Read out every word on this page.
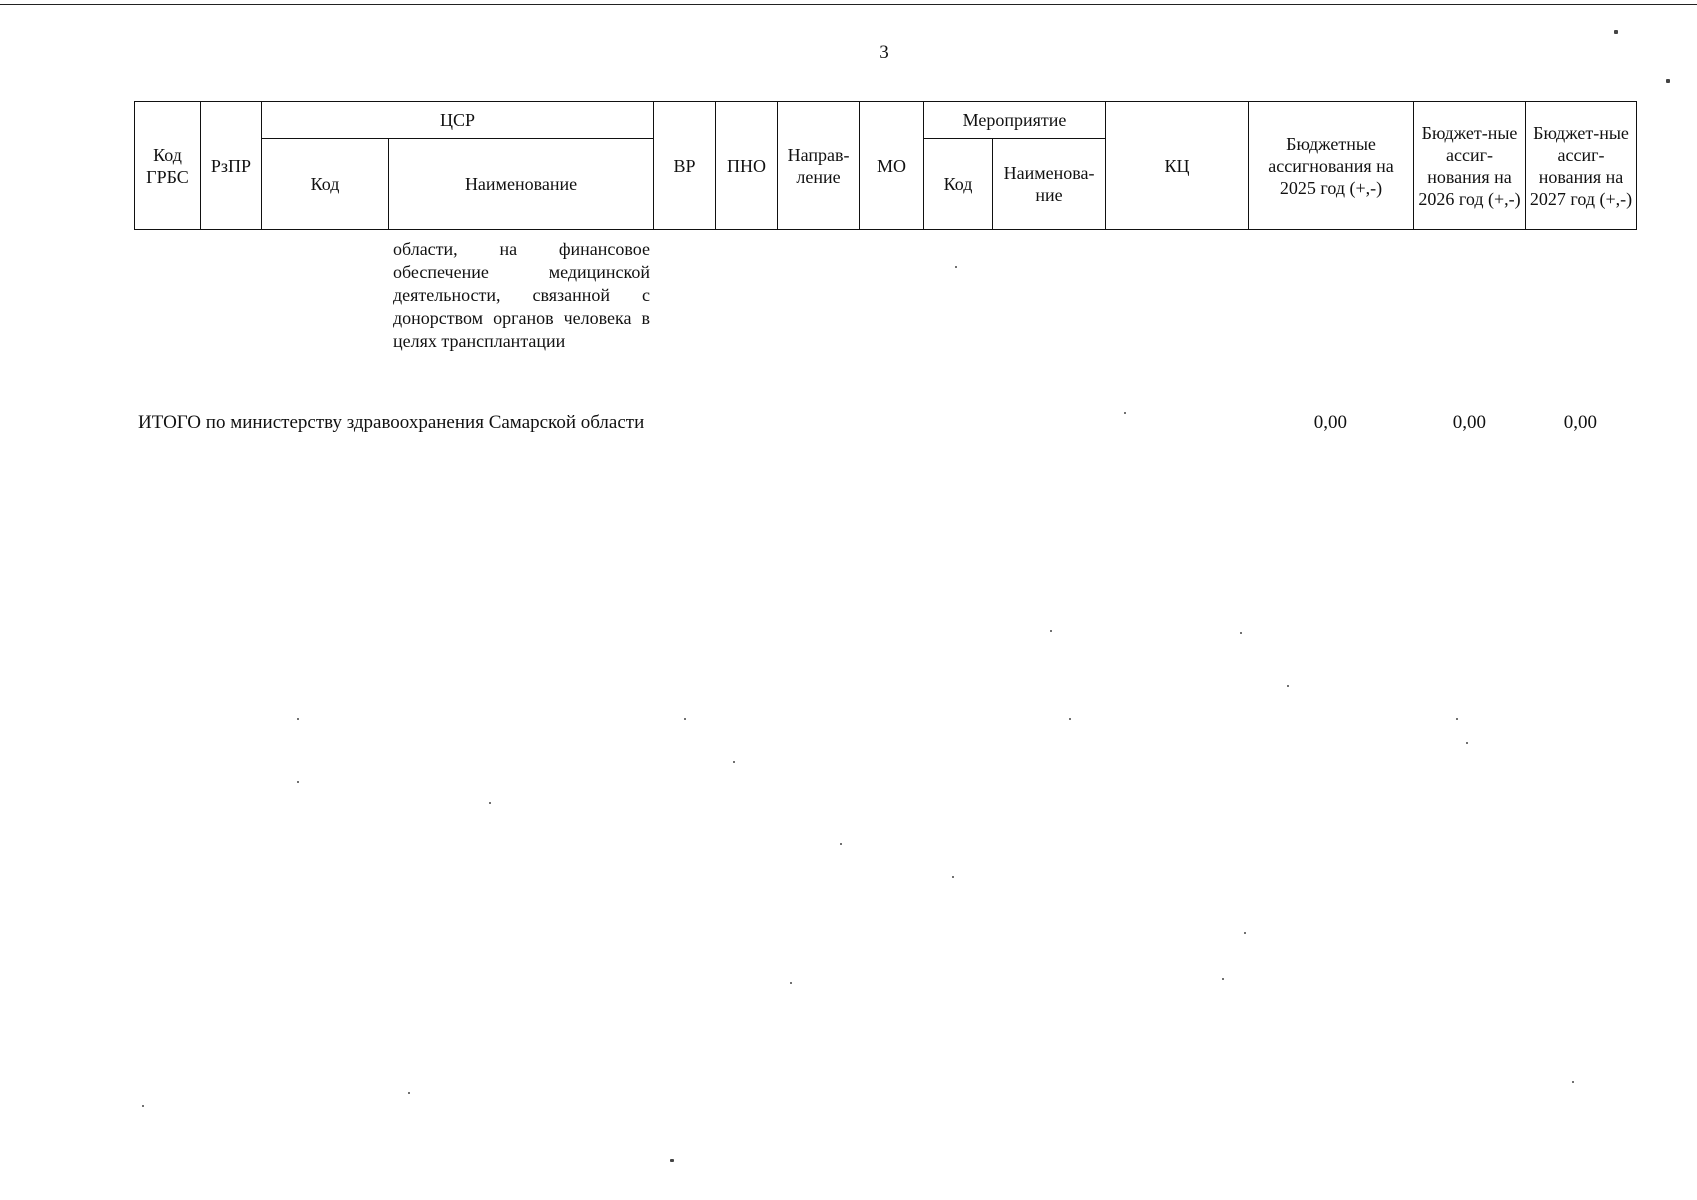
3
Код ГРБС	РзПР	ЦСР		ВР	ПНО	Направ-ление	МО	Мероприятие		КЦ	Бюджетные ассигнования на 2025 год (+,-)	Бюджет-ные ассиг-нования на 2026 год (+,-)	Бюджет-ные ассиг-нования на 2027 год (+,-)
		Код	Наименование					Код	Наименова-ние				
области, на финансовое обеспечение медицинской деятельности, связанной с донорством органов человека в целях трансплантации
ИТОГО по министерству здравоохранения Самарской области	0,00	0,00	0,00
